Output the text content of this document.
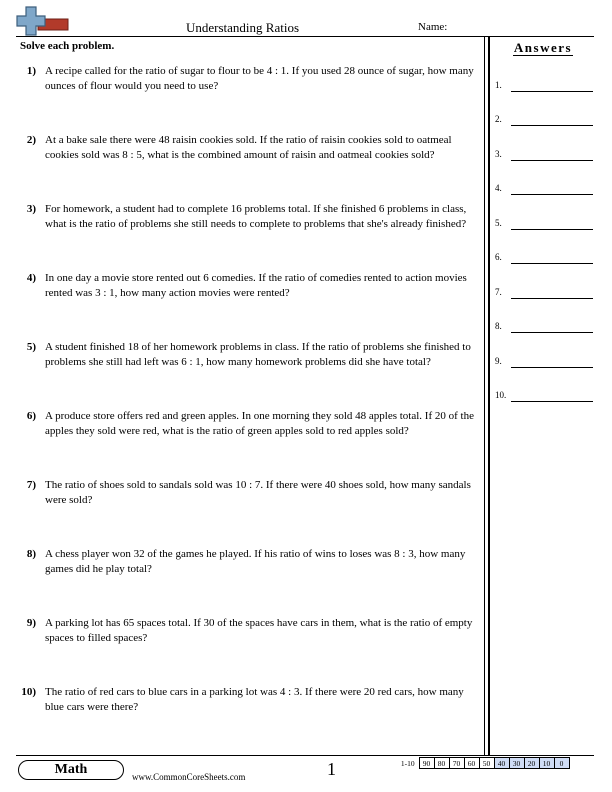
Understanding Ratios	Name:
Solve each problem.	Answers
1.
2.
3.
4.
5.
6.
7.
8.
9.
10.
1) A recipe called for the ratio of sugar to flour to be 4 : 1. If you used 28 ounce of sugar, how many ounces of flour would you need to use?
2) At a bake sale there were 48 raisin cookies sold. If the ratio of raisin cookies sold to oatmeal cookies sold was 8 : 5, what is the combined amount of raisin and oatmeal cookies sold?
3) For homework, a student had to complete 16 problems total. If she finished 6 problems in class, what is the ratio of problems she still needs to complete to problems that she's already finished?
4) In one day a movie store rented out 6 comedies. If the ratio of comedies rented to action movies rented was 3 : 1, how many action movies were rented?
5) A student finished 18 of her homework problems in class. If the ratio of problems she finished to problems she still had left was 6 : 1, how many homework problems did she have total?
6) A produce store offers red and green apples. In one morning they sold 48 apples total. If 20 of the apples they sold were red, what is the ratio of green apples sold to red apples sold?
7) The ratio of shoes sold to sandals sold was 10 : 7. If there were 40 shoes sold, how many sandals were sold?
8) A chess player won 32 of the games he played. If his ratio of wins to loses was 8 : 3, how many games did he play total?
9) A parking lot has 65 spaces total. If 30 of the spaces have cars in them, what is the ratio of empty spaces to filled spaces?
10) The ratio of red cars to blue cars in a parking lot was 4 : 3. If there were 20 red cars, how many blue cars were there?
Math	www.CommonCoreSheets.com	1	1-10	90	80	70	60	50	40	30	20	10	0
